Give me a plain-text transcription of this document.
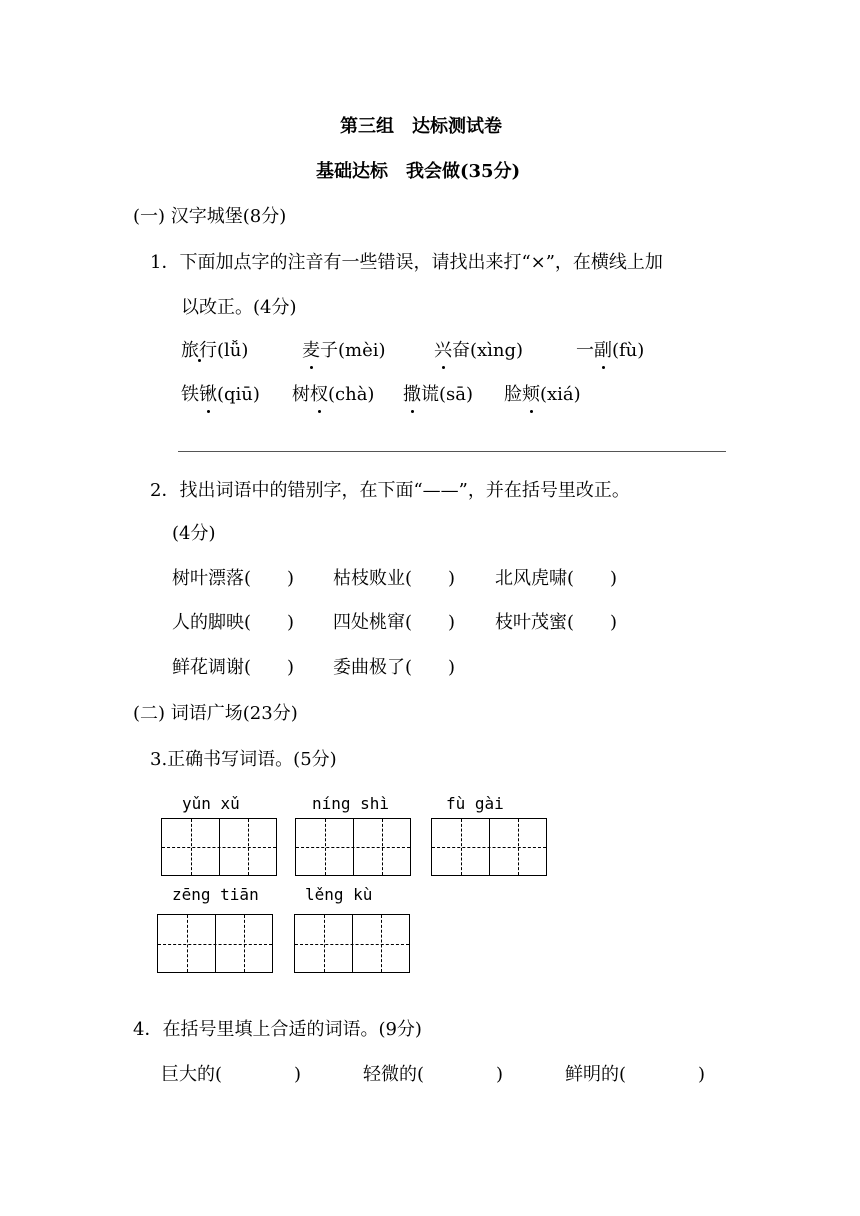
第三组　达标测试卷
基础达标　我会做(35分)
(一) 汉字城堡(8分)
1．下面加点字的注音有一些错误，请找出来打“×”，在横线上加
以改正。(4分)
旅行(lǚ)	麦子(mèi)	兴奋(xìng)	一副(fù)
铁锹(qiū) 树杈(chà) 撒谎(sā) 脸颊(xiá)
2．找出词语中的错别字，在下面“——”，并在括号里改正。
(4分)
树叶漂落(　　) 枯枝败业(　　) 北风虎啸(　　)
人的脚映(　　) 四处桃窜(　　) 枝叶茂蜜(　　)
鲜花调谢(　　) 委曲极了(　　)
(二) 词语广场(23分)
3.正确书写词语。(5分)
yǔn xǔ	níng shì	fù gài
zēng tiān	lěng kù
4．在括号里填上合适的词语。(9分)
巨大的(　　　　)	轻微的(　　　　)	鲜明的(　　　　)
